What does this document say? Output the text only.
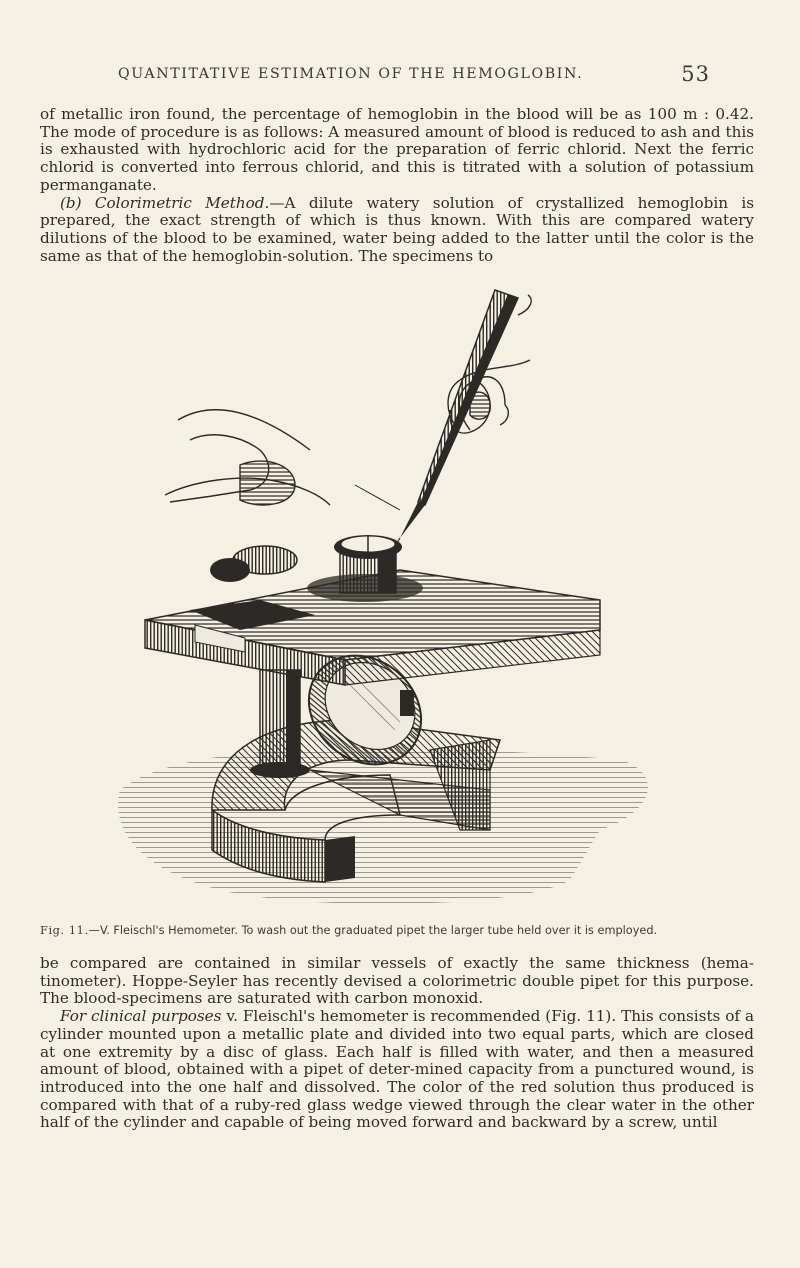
QUANTITATIVE ESTIMATION OF THE HEMOGLOBIN.	53

of metallic iron found, the percentage of hemoglobin in the blood will be as 100 m : 0.42. The mode of procedure is as follows: A measured amount of blood is reduced to ash and this is exhausted with hydrochloric acid for the preparation of ferric chlorid. Next the ferric chlorid is converted into ferrous chlorid, and this is titrated with a solution of potassium permanganate.

(b) Colorimetric Method.—A dilute watery solution of crystallized hemoglobin is prepared, the exact strength of which is thus known. With this are compared watery dilutions of the blood to be examined, water being added to the latter until the color is the same as that of the hemoglobin-solution. The specimens to

Fig. 11.—V. Fleischl's Hemometer. To wash out the graduated pipet the larger tube held over it is employed.

be compared are contained in similar vessels of exactly the same thickness (hema-tinometer). Hoppe-Seyler has recently devised a colorimetric double pipet for this purpose. The blood-specimens are saturated with carbon monoxid.

For clinical purposes v. Fleischl's hemometer is recommended (Fig. 11). This consists of a cylinder mounted upon a metallic plate and divided into two equal parts, which are closed at one extremity by a disc of glass. Each half is filled with water, and then a measured amount of blood, obtained with a pipet of deter-mined capacity from a punctured wound, is introduced into the one half and dissolved. The color of the red solution thus produced is compared with that of a ruby-red glass wedge viewed through the clear water in the other half of the cylinder and capable of being moved forward and backward by a screw, until
